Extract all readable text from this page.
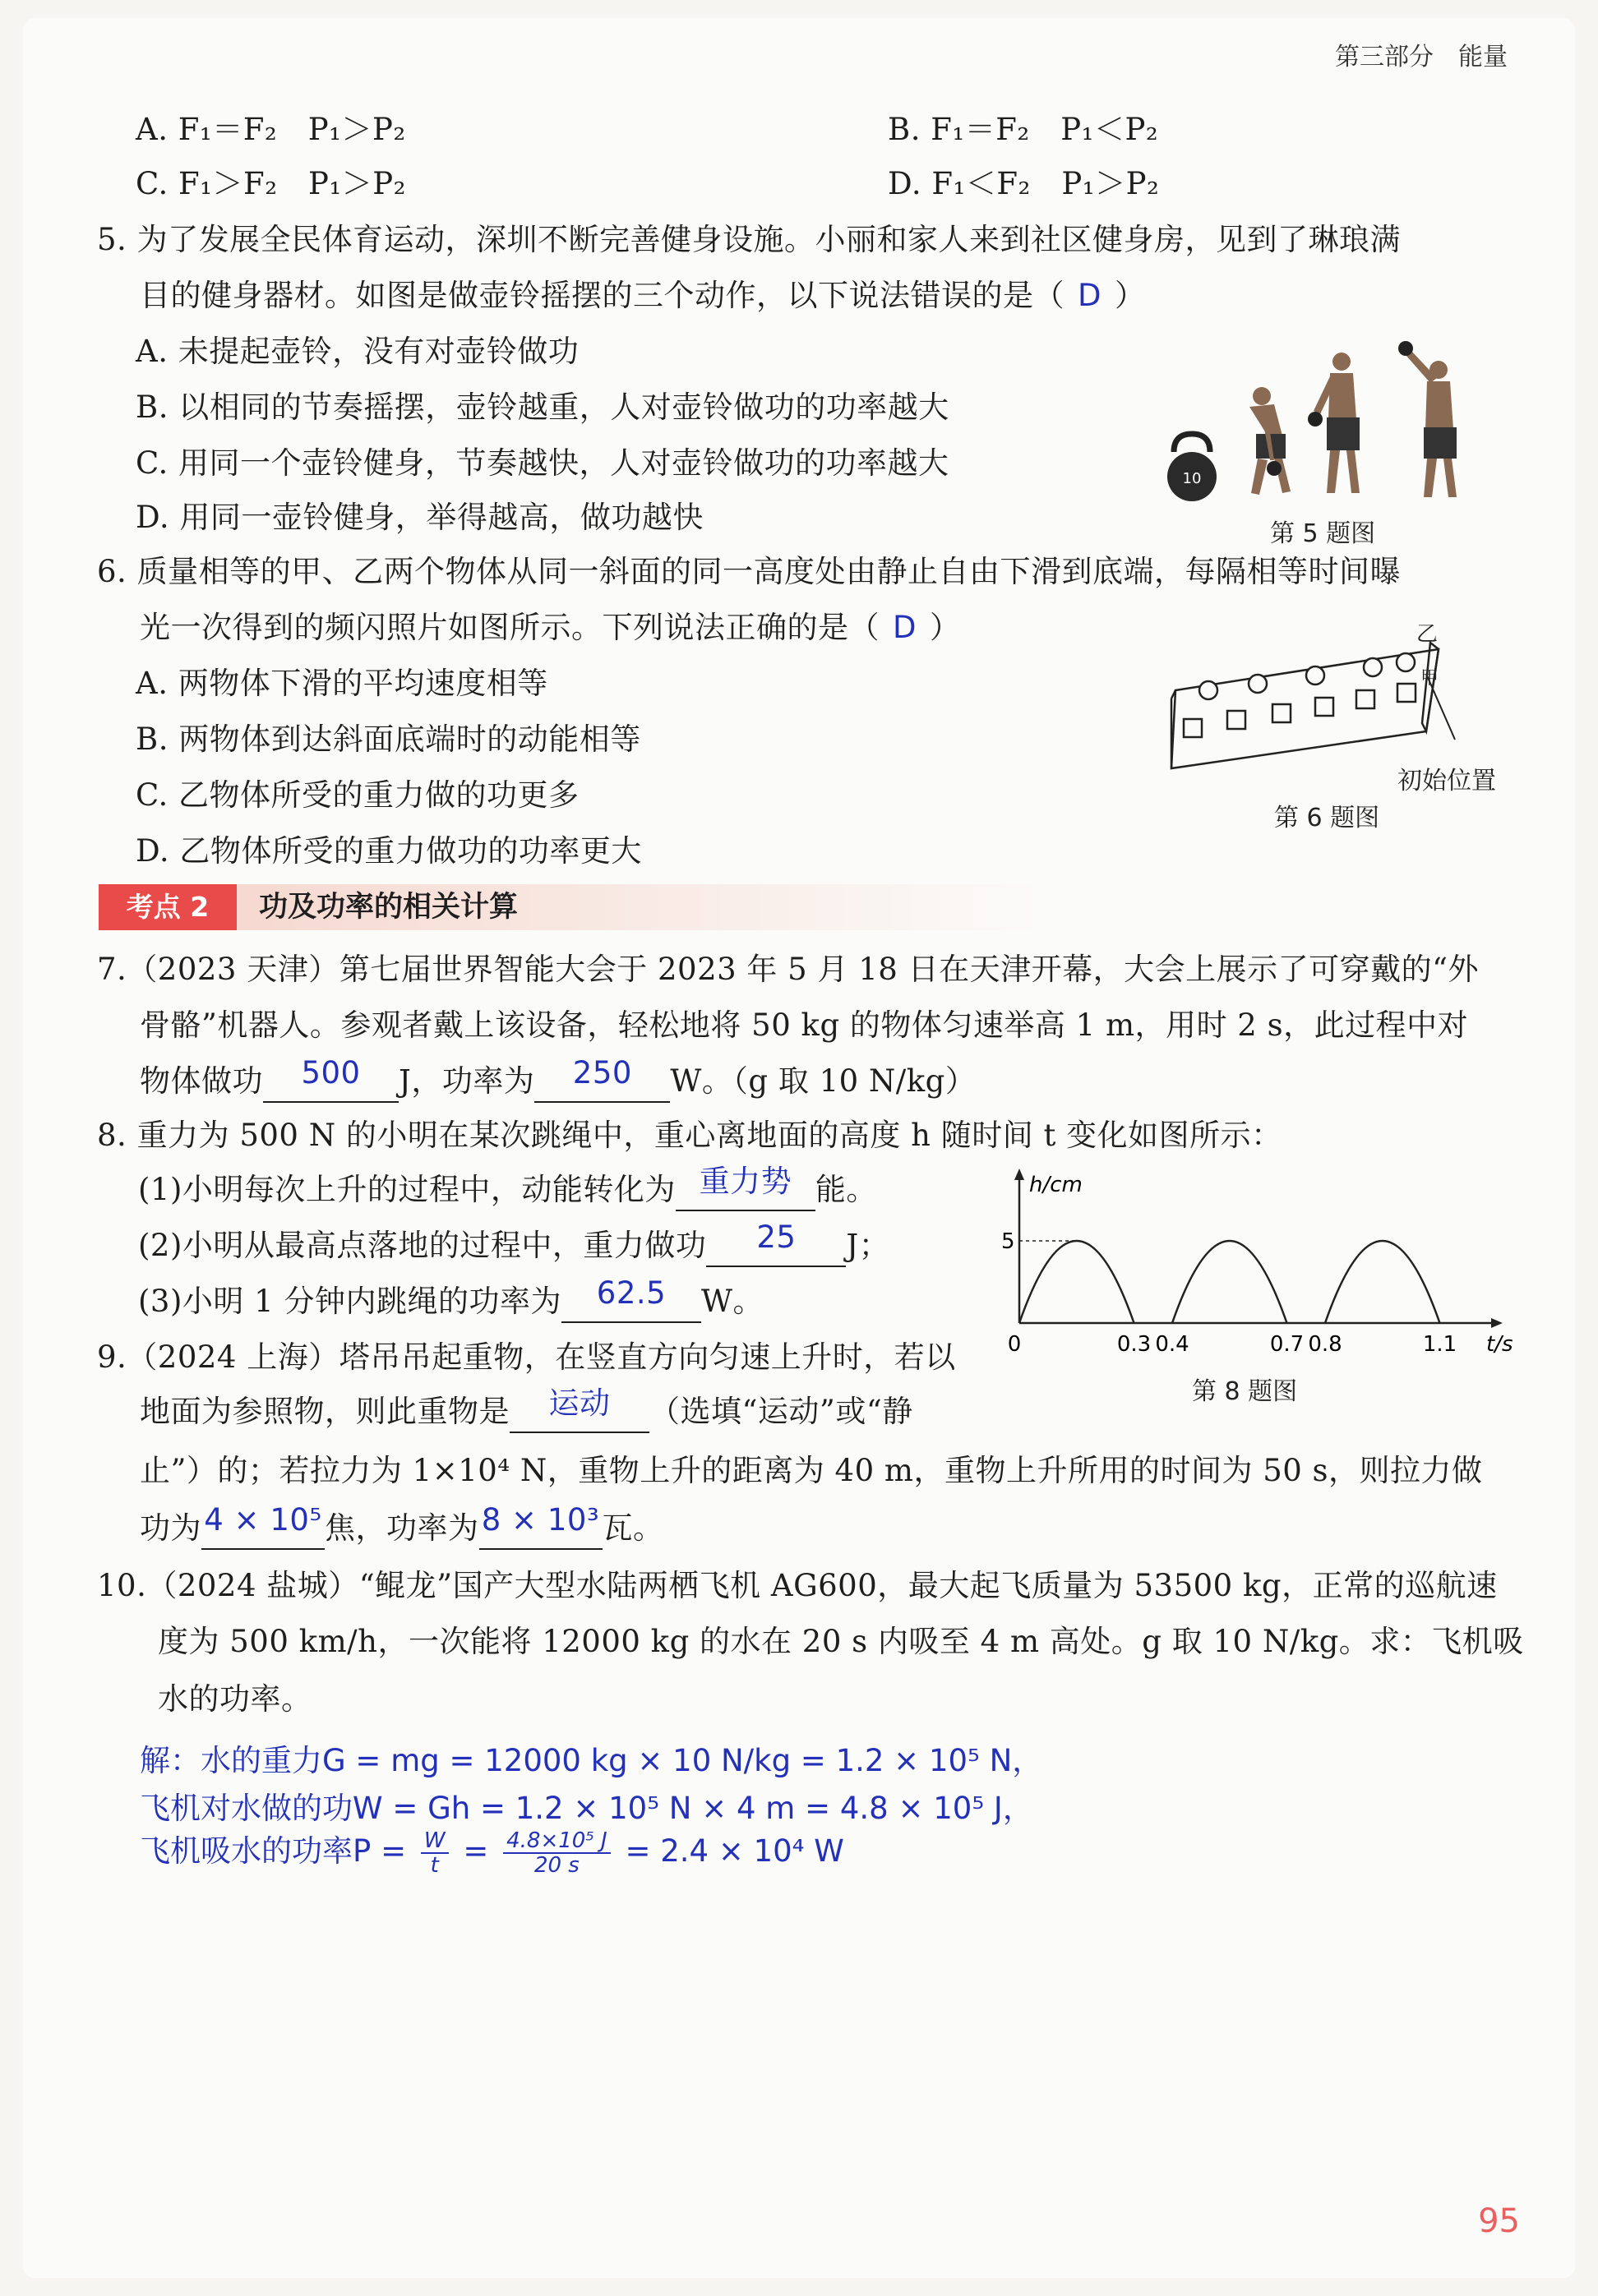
第三部分　能量
A. F₁＝F₂　P₁＞P₂	B. F₁＝F₂　P₁＜P₂
C. F₁＞F₂　P₁＞P₂	D. F₁＜F₂　P₁＞P₂
5. 为了发展全民体育运动，深圳不断完善健身设施。小丽和家人来到社区健身房，见到了琳琅满
目的健身器材。如图是做壶铃摇摆的三个动作，以下说法错误的是（ D ）
A. 未提起壶铃，没有对壶铃做功
B. 以相同的节奏摇摆，壶铃越重，人对壶铃做功的功率越大
C. 用同一个壶铃健身，节奏越快，人对壶铃做功的功率越大
D. 用同一壶铃健身，举得越高，做功越快
10
第 5 题图
6. 质量相等的甲、乙两个物体从同一斜面的同一高度处由静止自由下滑到底端，每隔相等时间曝
光一次得到的频闪照片如图所示。下列说法正确的是（ D ）
A. 两物体下滑的平均速度相等
B. 两物体到达斜面底端时的动能相等
C. 乙物体所受的重力做的功更多
D. 乙物体所受的重力做功的功率更大
乙
甲
初始位置
第 6 题图
考点 2	功及功率的相关计算
7.（2023 天津）第七届世界智能大会于 2023 年 5 月 18 日在天津开幕，大会上展示了可穿戴的“外
骨骼”机器人。参观者戴上该设备，轻松地将 50 kg 的物体匀速举高 1 m，用时 2 s，此过程中对
物体做功 500 J，功率为 250 W。（g 取 10 N/kg）
8. 重力为 500 N 的小明在某次跳绳中，重心离地面的高度 h 随时间 t 变化如图所示：
(1)小明每次上升的过程中，动能转化为 重力势 能。
(2)小明从最高点落地的过程中，重力做功 25 J；
(3)小明 1 分钟内跳绳的功率为 62.5 W。
h/cm
t/s
5
0	0.3 0.4	0.7 0.8	1.1
第 8 题图
9.（2024 上海）塔吊吊起重物，在竖直方向匀速上升时，若以
地面为参照物，则此重物是 运动 （选填“运动”或“静
止”）的；若拉力为 1×10⁴ N，重物上升的距离为 40 m，重物上升所用的时间为 50 s，则拉力做
功为4 × 10⁵焦，功率为8 × 10³瓦。
10.（2024 盐城）“鲲龙”国产大型水陆两栖飞机 AG600，最大起飞质量为 53500 kg，正常的巡航速
度为 500 km/h，一次能将 12000 kg 的水在 20 s 内吸至 4 m 高处。g 取 10 N/kg。求：飞机吸
水的功率。
解：水的重力G = mg = 12000 kg × 10 N/kg = 1.2 × 10⁵ N，
飞机对水做的功W = Gh = 1.2 × 10⁵ N × 4 m = 4.8 × 10⁵ J，
飞机吸水的功率$P = \frac{W}{t} = \frac{\text{4.8×10⁵ J}}{20 s} = 2.4 \times 10^4$ W
95
